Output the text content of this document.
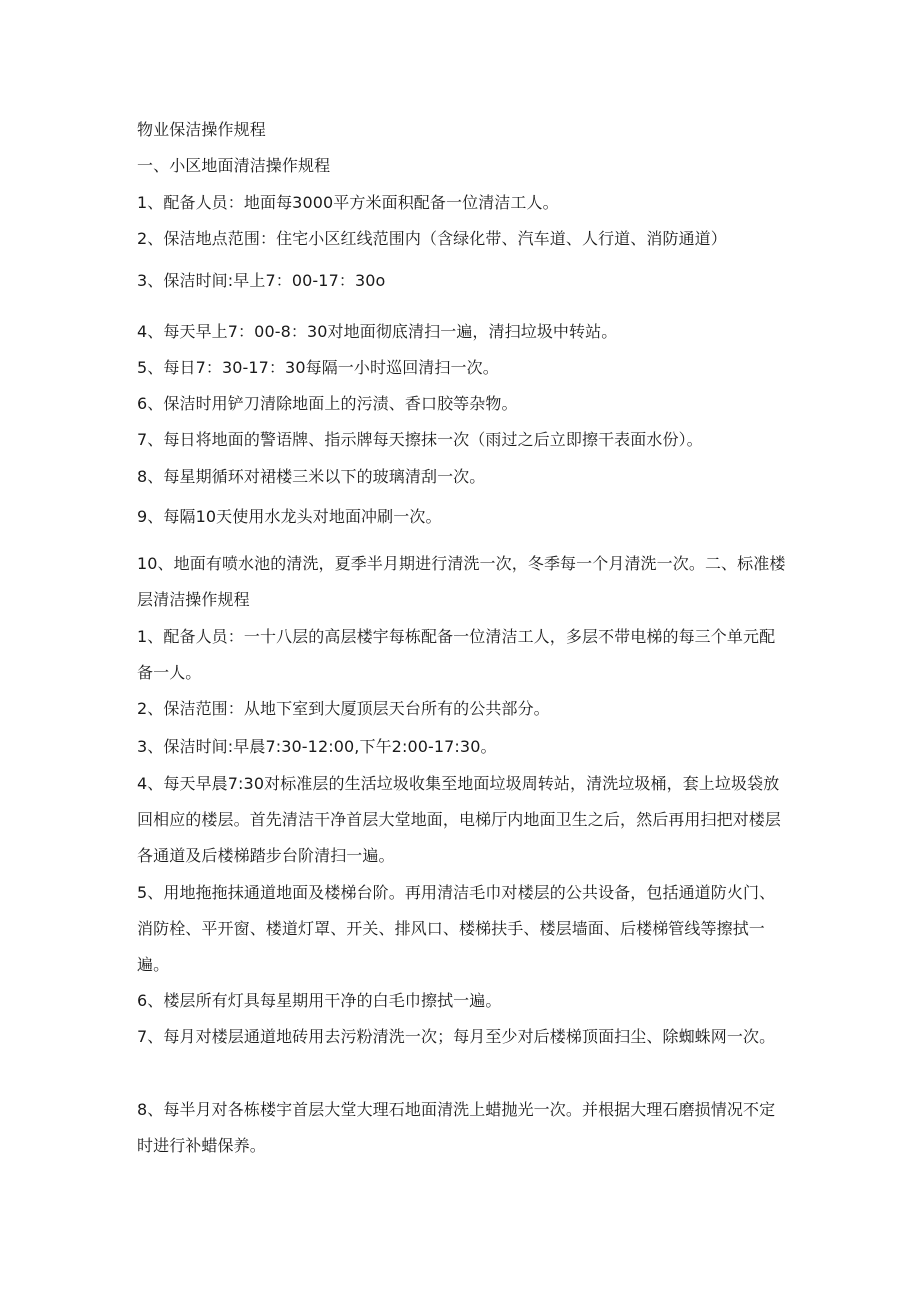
物业保洁操作规程

一、小区地面清洁操作规程

1、配备人员：地面每3000平方米面积配备一位清洁工人。

2、保洁地点范围：住宅小区红线范围内（含绿化带、汽车道、人行道、消防通道）

3、保洁时间:早上7：00-17：30o

4、每天早上7：00-8：30对地面彻底清扫一遍，清扫垃圾中转站。

5、每日7：30-17：30每隔一小时巡回清扫一次。

6、保洁时用铲刀清除地面上的污渍、香口胶等杂物。

7、每日将地面的警语牌、指示牌每天擦抹一次（雨过之后立即擦干表面水份）。

8、每星期循环对裙楼三米以下的玻璃清刮一次。

9、每隔10天使用水龙头对地面冲刷一次。

10、地面有喷水池的清洗，夏季半月期进行清洗一次，冬季每一个月清洗一次。二、标准楼层清洁操作规程

1、配备人员：一十八层的高层楼宇每栋配备一位清洁工人，多层不带电梯的每三个单元配备一人。

2、保洁范围：从地下室到大厦顶层天台所有的公共部分。

3、保洁时间:早晨7:30-12:00,下午2:00-17:30。

4、每天早晨7:30对标准层的生活垃圾收集至地面垃圾周转站，清洗垃圾桶，套上垃圾袋放回相应的楼层。首先清洁干净首层大堂地面，电梯厅内地面卫生之后，然后再用扫把对楼层各通道及后楼梯踏步台阶清扫一遍。

5、用地拖拖抹通道地面及楼梯台阶。再用清洁毛巾对楼层的公共设备，包括通道防火门、消防栓、平开窗、楼道灯罩、开关、排风口、楼梯扶手、楼层墙面、后楼梯管线等擦拭一遍。

6、楼层所有灯具每星期用干净的白毛巾擦拭一遍。

7、每月对楼层通道地砖用去污粉清洗一次；每月至少对后楼梯顶面扫尘、除蜘蛛网一次。

8、每半月对各栋楼宇首层大堂大理石地面清洗上蜡抛光一次。并根据大理石磨损情况不定时进行补蜡保养。
